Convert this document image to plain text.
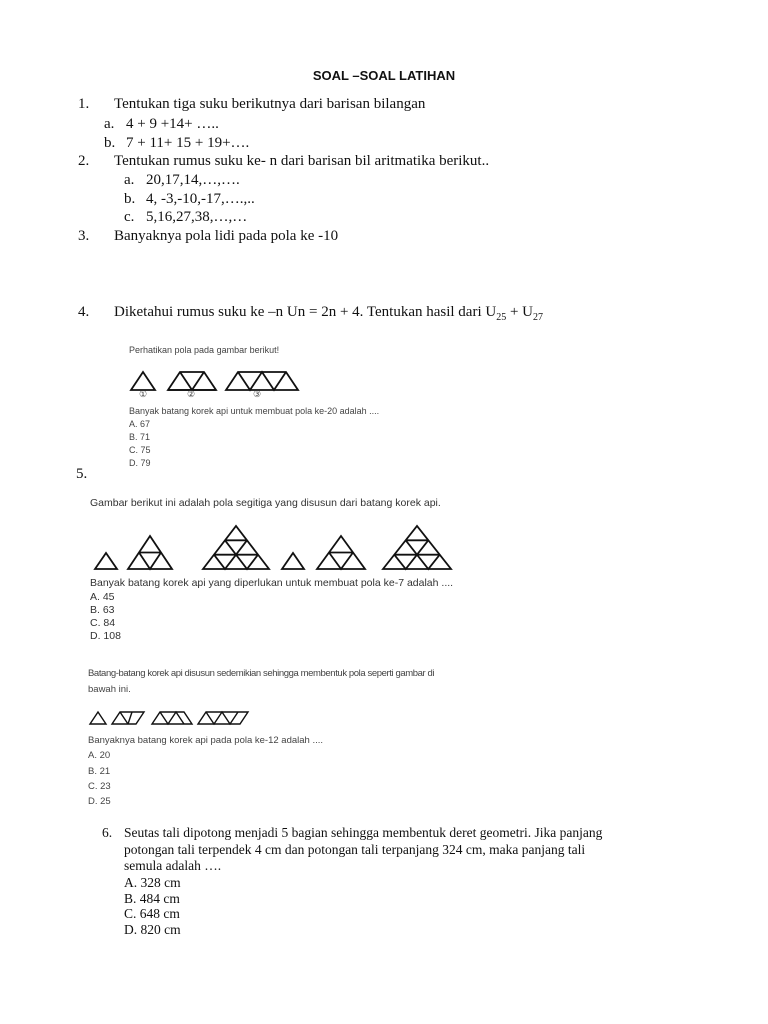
SOAL –SOAL LATIHAN
1. Tentukan tiga suku berikutnya dari barisan bilangan
a. 4 + 9 +14+ …..
b. 7 + 11+ 15 + 19+….
2. Tentukan rumus suku ke- n dari barisan bil aritmatika berikut..
a. 20,17,14,…,….
b. 4, -3,-10,-17,….,..
c. 5,16,27,38,…,…
3. Banyaknya pola lidi pada pola ke -10
4. Diketahui rumus suku ke –n Un = 2n + 4. Tentukan hasil dari $U_{25} + U_{27}$
Perhatikan pola pada gambar berikut!
①	②	③
Banyak batang korek api untuk membuat pola ke-20 adalah ....
A. 67
B. 71
C. 75
D. 79
5.
Gambar berikut ini adalah pola segitiga yang disusun dari batang korek api.
Banyak batang korek api yang diperlukan untuk membuat pola ke-7 adalah ....
A. 45
B. 63
C. 84
D. 108
Batang-batang korek api disusun sedemikian sehingga membentuk pola seperti gambar di
bawah ini.
Banyaknya batang korek api pada pola ke-12 adalah ....
A. 20
B. 21
C. 23
D. 25
6. Seutas tali dipotong menjadi 5 bagian sehingga membentuk deret geometri. Jika panjang
potongan tali terpendek 4 cm dan potongan tali terpanjang 324 cm, maka panjang tali
semula adalah ….
A. 328 cm
B. 484 cm
C. 648 cm
D. 820 cm
